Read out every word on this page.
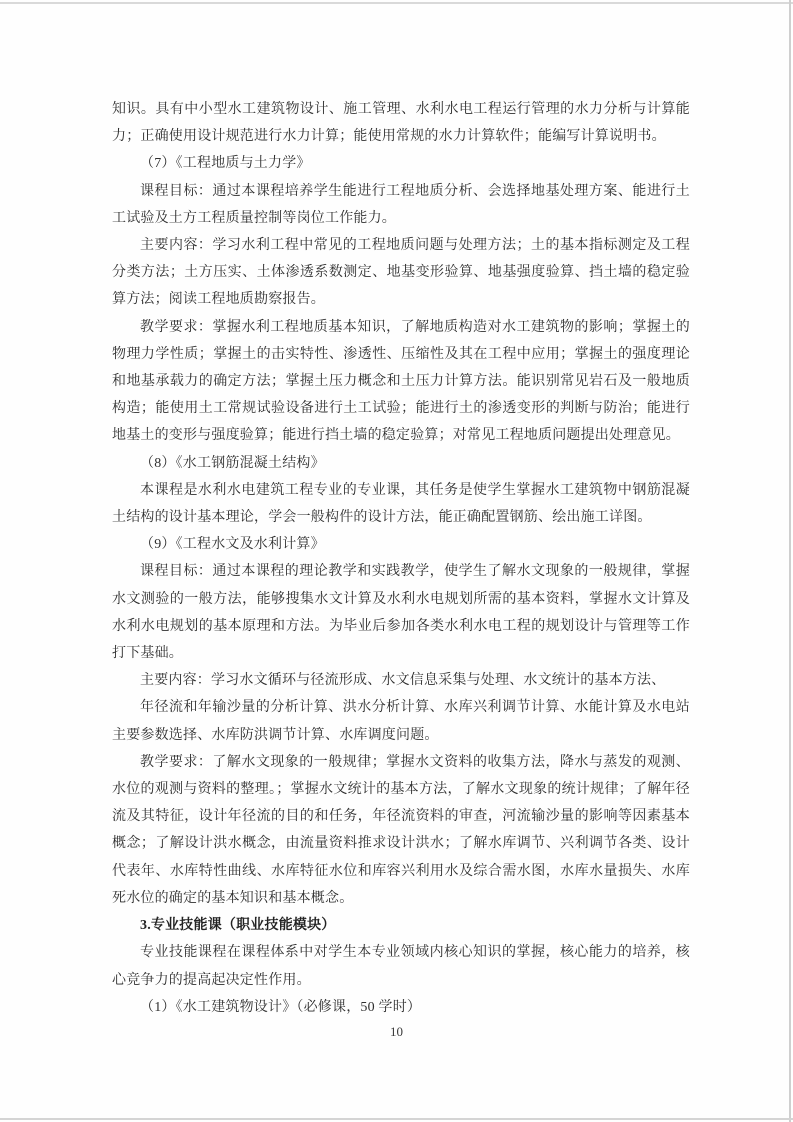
知识。具有中小型水工建筑物设计、施工管理、水利水电工程运行管理的水力分析与计算能力；正确使用设计规范进行水力计算；能使用常规的水力计算软件；能编写计算说明书。

（7）《工程地质与土力学》

课程目标：通过本课程培养学生能进行工程地质分析、会选择地基处理方案、能进行土工试验及土方工程质量控制等岗位工作能力。

主要内容：学习水利工程中常见的工程地质问题与处理方法；土的基本指标测定及工程分类方法；土方压实、土体渗透系数测定、地基变形验算、地基强度验算、挡土墙的稳定验算方法；阅读工程地质勘察报告。

教学要求：掌握水利工程地质基本知识，了解地质构造对水工建筑物的影响；掌握土的物理力学性质；掌握土的击实特性、渗透性、压缩性及其在工程中应用；掌握土的强度理论和地基承载力的确定方法；掌握土压力概念和土压力计算方法。能识别常见岩石及一般地质构造；能使用土工常规试验设备进行土工试验；能进行土的渗透变形的判断与防治；能进行地基土的变形与强度验算；能进行挡土墙的稳定验算；对常见工程地质问题提出处理意见。

（8）《水工钢筋混凝土结构》

本课程是水利水电建筑工程专业的专业课，其任务是使学生掌握水工建筑物中钢筋混凝土结构的设计基本理论，学会一般构件的设计方法，能正确配置钢筋、绘出施工详图。

（9）《工程水文及水利计算》

课程目标：通过本课程的理论教学和实践教学，使学生了解水文现象的一般规律，掌握水文测验的一般方法，能够搜集水文计算及水利水电规划所需的基本资料，掌握水文计算及水利水电规划的基本原理和方法。为毕业后参加各类水利水电工程的规划设计与管理等工作打下基础。

主要内容：学习水文循环与径流形成、水文信息采集与处理、水文统计的基本方法、

年径流和年输沙量的分析计算、洪水分析计算、水库兴利调节计算、水能计算及水电站主要参数选择、水库防洪调节计算、水库调度问题。

教学要求：了解水文现象的一般规律；掌握水文资料的收集方法，降水与蒸发的观测、水位的观测与资料的整理。；掌握水文统计的基本方法，了解水文现象的统计规律；了解年径流及其特征，设计年径流的目的和任务，年径流资料的审查，河流输沙量的影响等因素基本概念；了解设计洪水概念，由流量资料推求设计洪水；了解水库调节、兴利调节各类、设计代表年、水库特性曲线、水库特征水位和库容兴利用水及综合需水图，水库水量损失、水库死水位的确定的基本知识和基本概念。

3.专业技能课（职业技能模块）

专业技能课程在课程体系中对学生本专业领域内核心知识的掌握，核心能力的培养，核心竞争力的提高起决定性作用。

（1）《水工建筑物设计》（必修课，50 学时）

10
